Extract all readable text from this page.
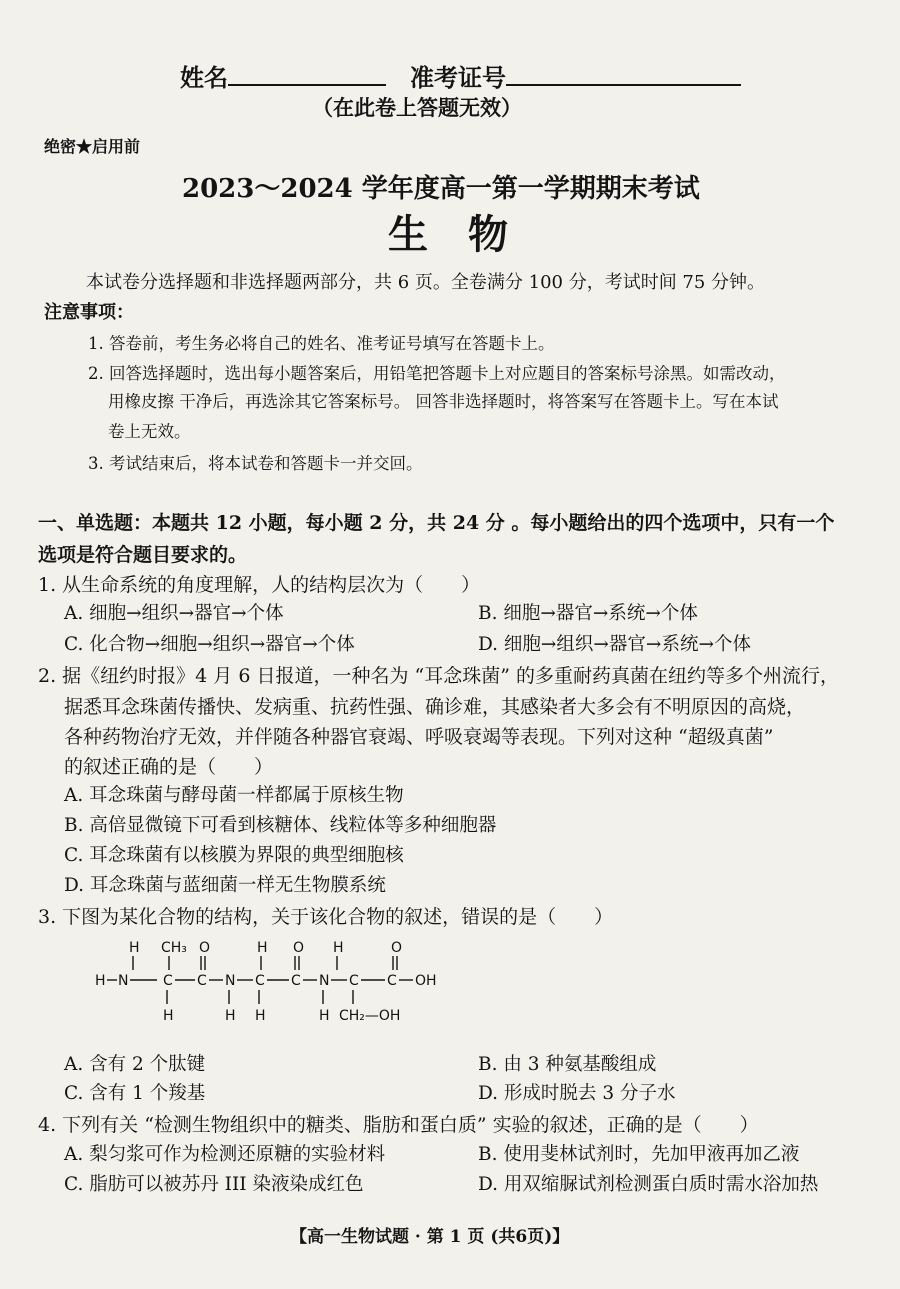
姓名	准考证号
（在此卷上答题无效）
绝密★启用前
2023～2024 学年度高一第一学期期末考试
生　物
本试卷分选择题和非选择题两部分，共 6 页。全卷满分 100 分，考试时间 75 分钟。
注意事项：
1. 答卷前，考生务必将自己的姓名、准考证号填写在答题卡上。
2. 回答选择题时，选出每小题答案后，用铅笔把答题卡上对应题目的答案标号涂黑。如需改动，
用橡皮擦 干净后，再选涂其它答案标号。 回答非选择题时，将答案写在答题卡上。写在本试
卷上无效。
3. 考试结束后，将本试卷和答题卡一并交回。
一、单选题：本题共 12 小题，每小题 2 分，共 24 分 。每小题给出的四个选项中，只有一个
选项是符合题目要求的。
1. 从生命系统的角度理解，人的结构层次为（　　）
A. 细胞→组织→器官→个体	B. 细胞→器官→系统→个体
C. 化合物→细胞→组织→器官→个体	D. 细胞→组织→器官→系统→个体
2. 据《纽约时报》4 月 6 日报道，一种名为 “耳念珠菌” 的多重耐药真菌在纽约等多个州流行，
据悉耳念珠菌传播快、发病重、抗药性强、确诊难，其感染者大多会有不明原因的高烧，
各种药物治疗无效，并伴随各种器官衰竭、呼吸衰竭等表现。下列对这种 “超级真菌”
的叙述正确的是（　　）
A. 耳念珠菌与酵母菌一样都属于原核生物
B. 高倍显微镜下可看到核糖体、线粒体等多种细胞器
C. 耳念珠菌有以核膜为界限的典型细胞核
D. 耳念珠菌与蓝细菌一样无生物膜系统
3. 下图为某化合物的结构，关于该化合物的叙述，错误的是（　　）
H CH₃ O	H O H	O
H N C C N C C N C C OH
H	H H	H CH₂—OH
A. 含有 2 个肽键	B. 由 3 种氨基酸组成
C. 含有 1 个羧基	D. 形成时脱去 3 分子水
4. 下列有关 “检测生物组织中的糖类、脂肪和蛋白质” 实验的叙述，正确的是（　　）
A. 梨匀浆可作为检测还原糖的实验材料	B. 使用斐林试剂时，先加甲液再加乙液
C. 脂肪可以被苏丹 III 染液染成红色	D. 用双缩脲试剂检测蛋白质时需水浴加热
【高一生物试题 · 第 1 页 (共6页)】
